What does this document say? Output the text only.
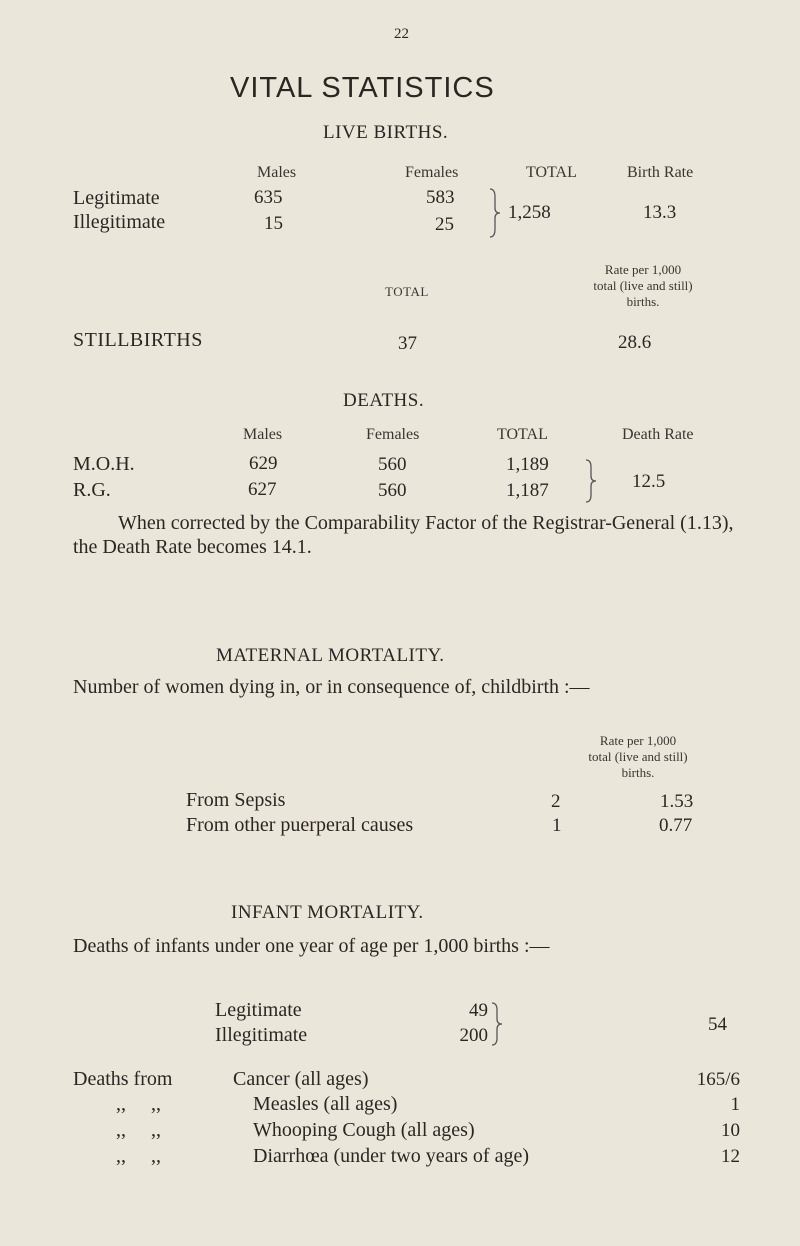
22
VITAL STATISTICS
LIVE BIRTHS.
Males	Females	TOTAL	Birth Rate
Legitimate	635	583
Illegitimate	15	25
1,258	13.3
TOTAL
Rate per 1,000
total (live and still)
births.
STILLBIRTHS	37	28.6
DEATHS.
Males	Females	TOTAL	Death Rate
M.O.H.	629	560	1,189
R.G.	627	560	1,187	12.5
When corrected by the Comparability Factor of the Registrar-General (1.13), the Death Rate becomes 14.1.
MATERNAL MORTALITY.
Number of women dying in, or in consequence of, childbirth :—
Rate per 1,000
total (live and still)
births.
From Sepsis	2	1.53
From other puerperal causes	1	0.77
INFANT MORTALITY.
Deaths of infants under one year of age per 1,000 births :—
Legitimate	49
Illegitimate	200
54
Deaths from	Cancer (all ages)	165/6
,,     ,,	Measles (all ages)	1
,,     ,,	Whooping Cough (all ages)	10
,,     ,,	Diarrhœa (under two years of age)	12
